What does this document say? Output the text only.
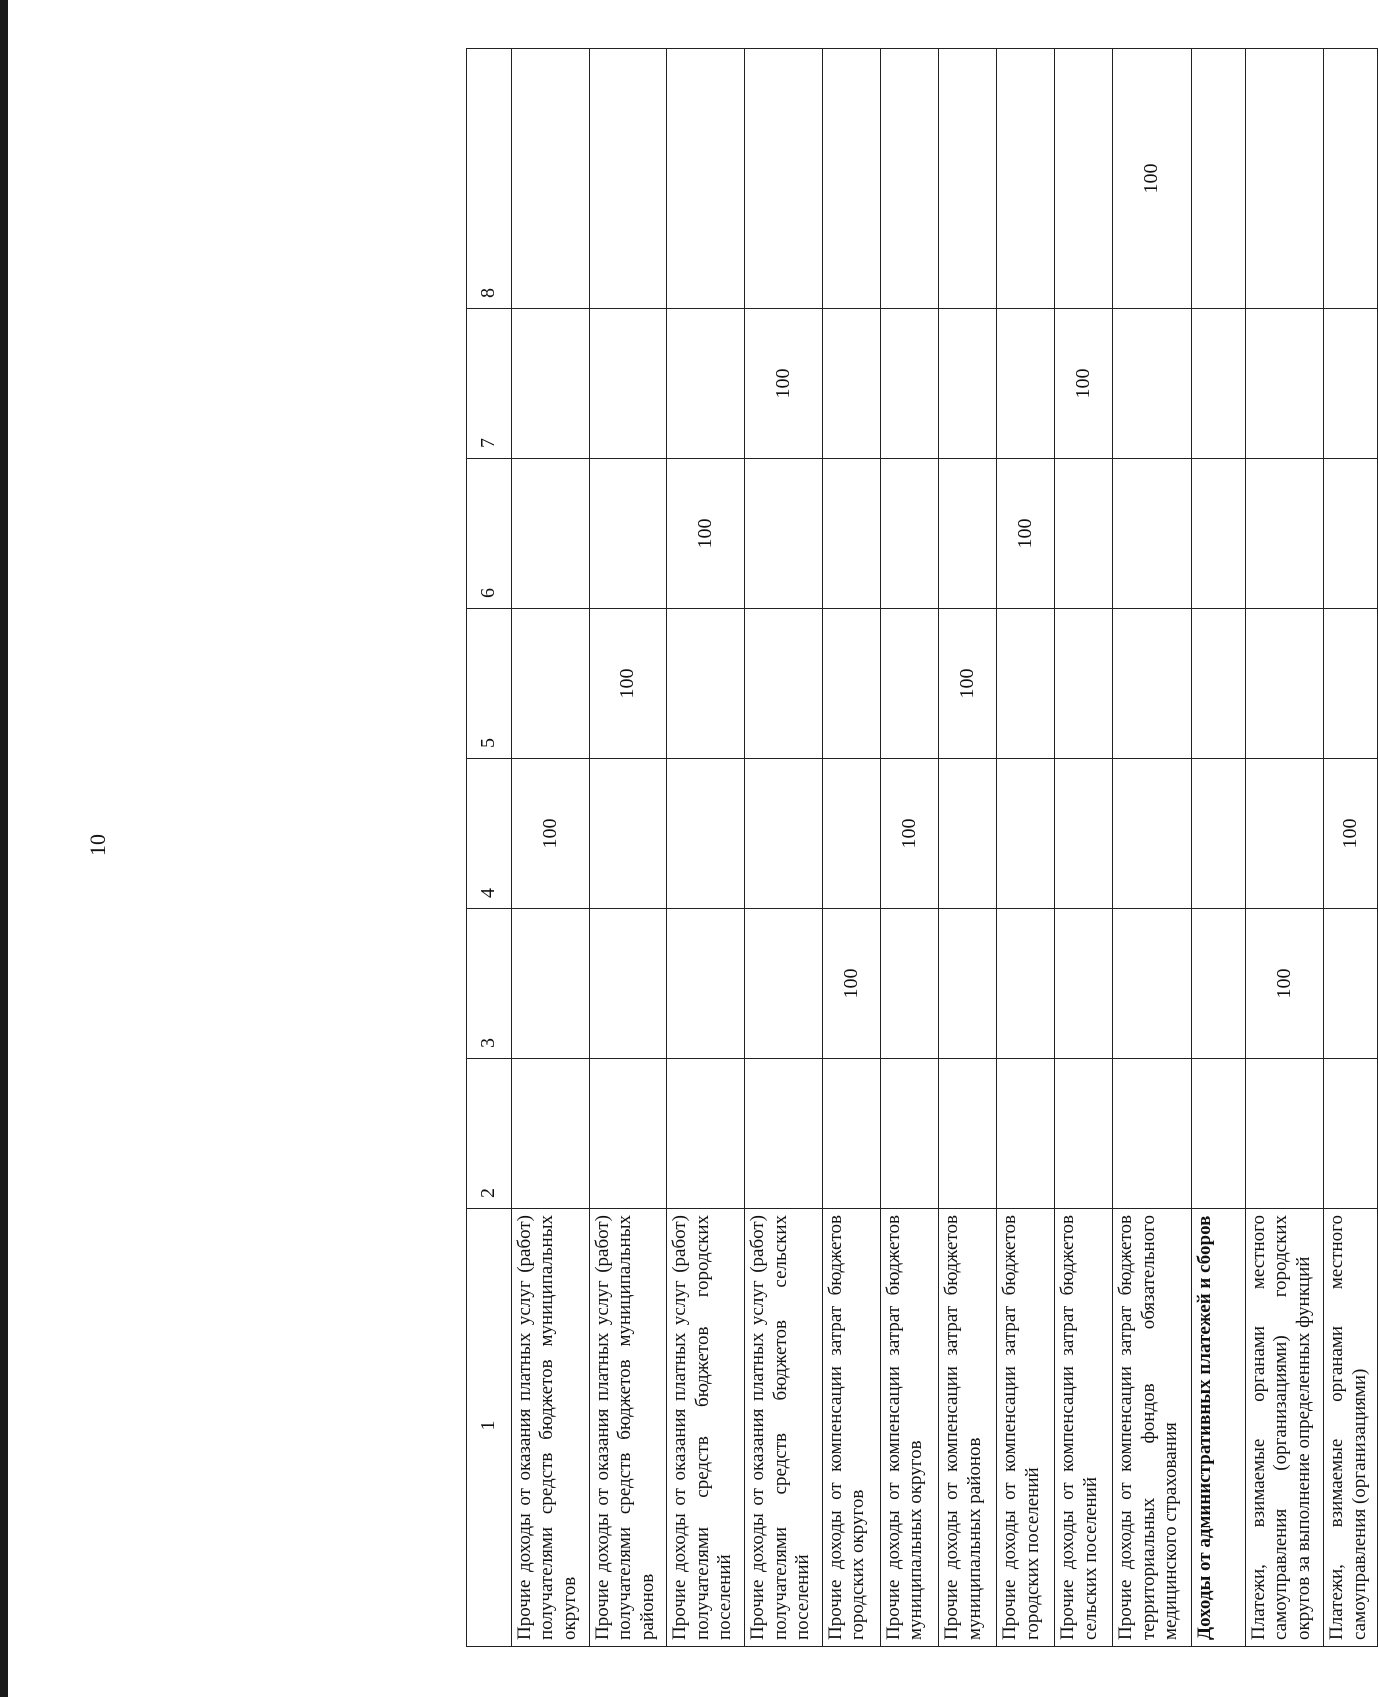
10
1	2	3	4	5	6	7	8
Прочие доходы от оказания платных услуг (работ) получателями средств бюджетов муниципальных округов			100				
Прочие доходы от оказания платных услуг (работ) получателями средств бюджетов муниципальных районов				100			
Прочие доходы от оказания платных услуг (работ) получателями средств бюджетов городских поселений					100		
Прочие доходы от оказания платных услуг (работ) получателями средств бюджетов сельских поселений						100	
Прочие доходы от компенсации затрат бюджетов городских округов		100					
Прочие доходы от компенсации затрат бюджетов муниципальных округов			100				
Прочие доходы от компенсации затрат бюджетов муниципальных районов				100			
Прочие доходы от компенсации затрат бюджетов городских поселений					100		
Прочие доходы от компенсации затрат бюджетов сельских поселений						100	
Прочие доходы от компенсации затрат бюджетов территориальных фондов обязательного медицинского страхования							100
Доходы от административных платежей и сборов							
Платежи, взимаемые органами местного самоуправления (организациями) городских округов за выполнение определенных функций		100					
Платежи, взимаемые органами местного самоуправления (организациями)			100				
